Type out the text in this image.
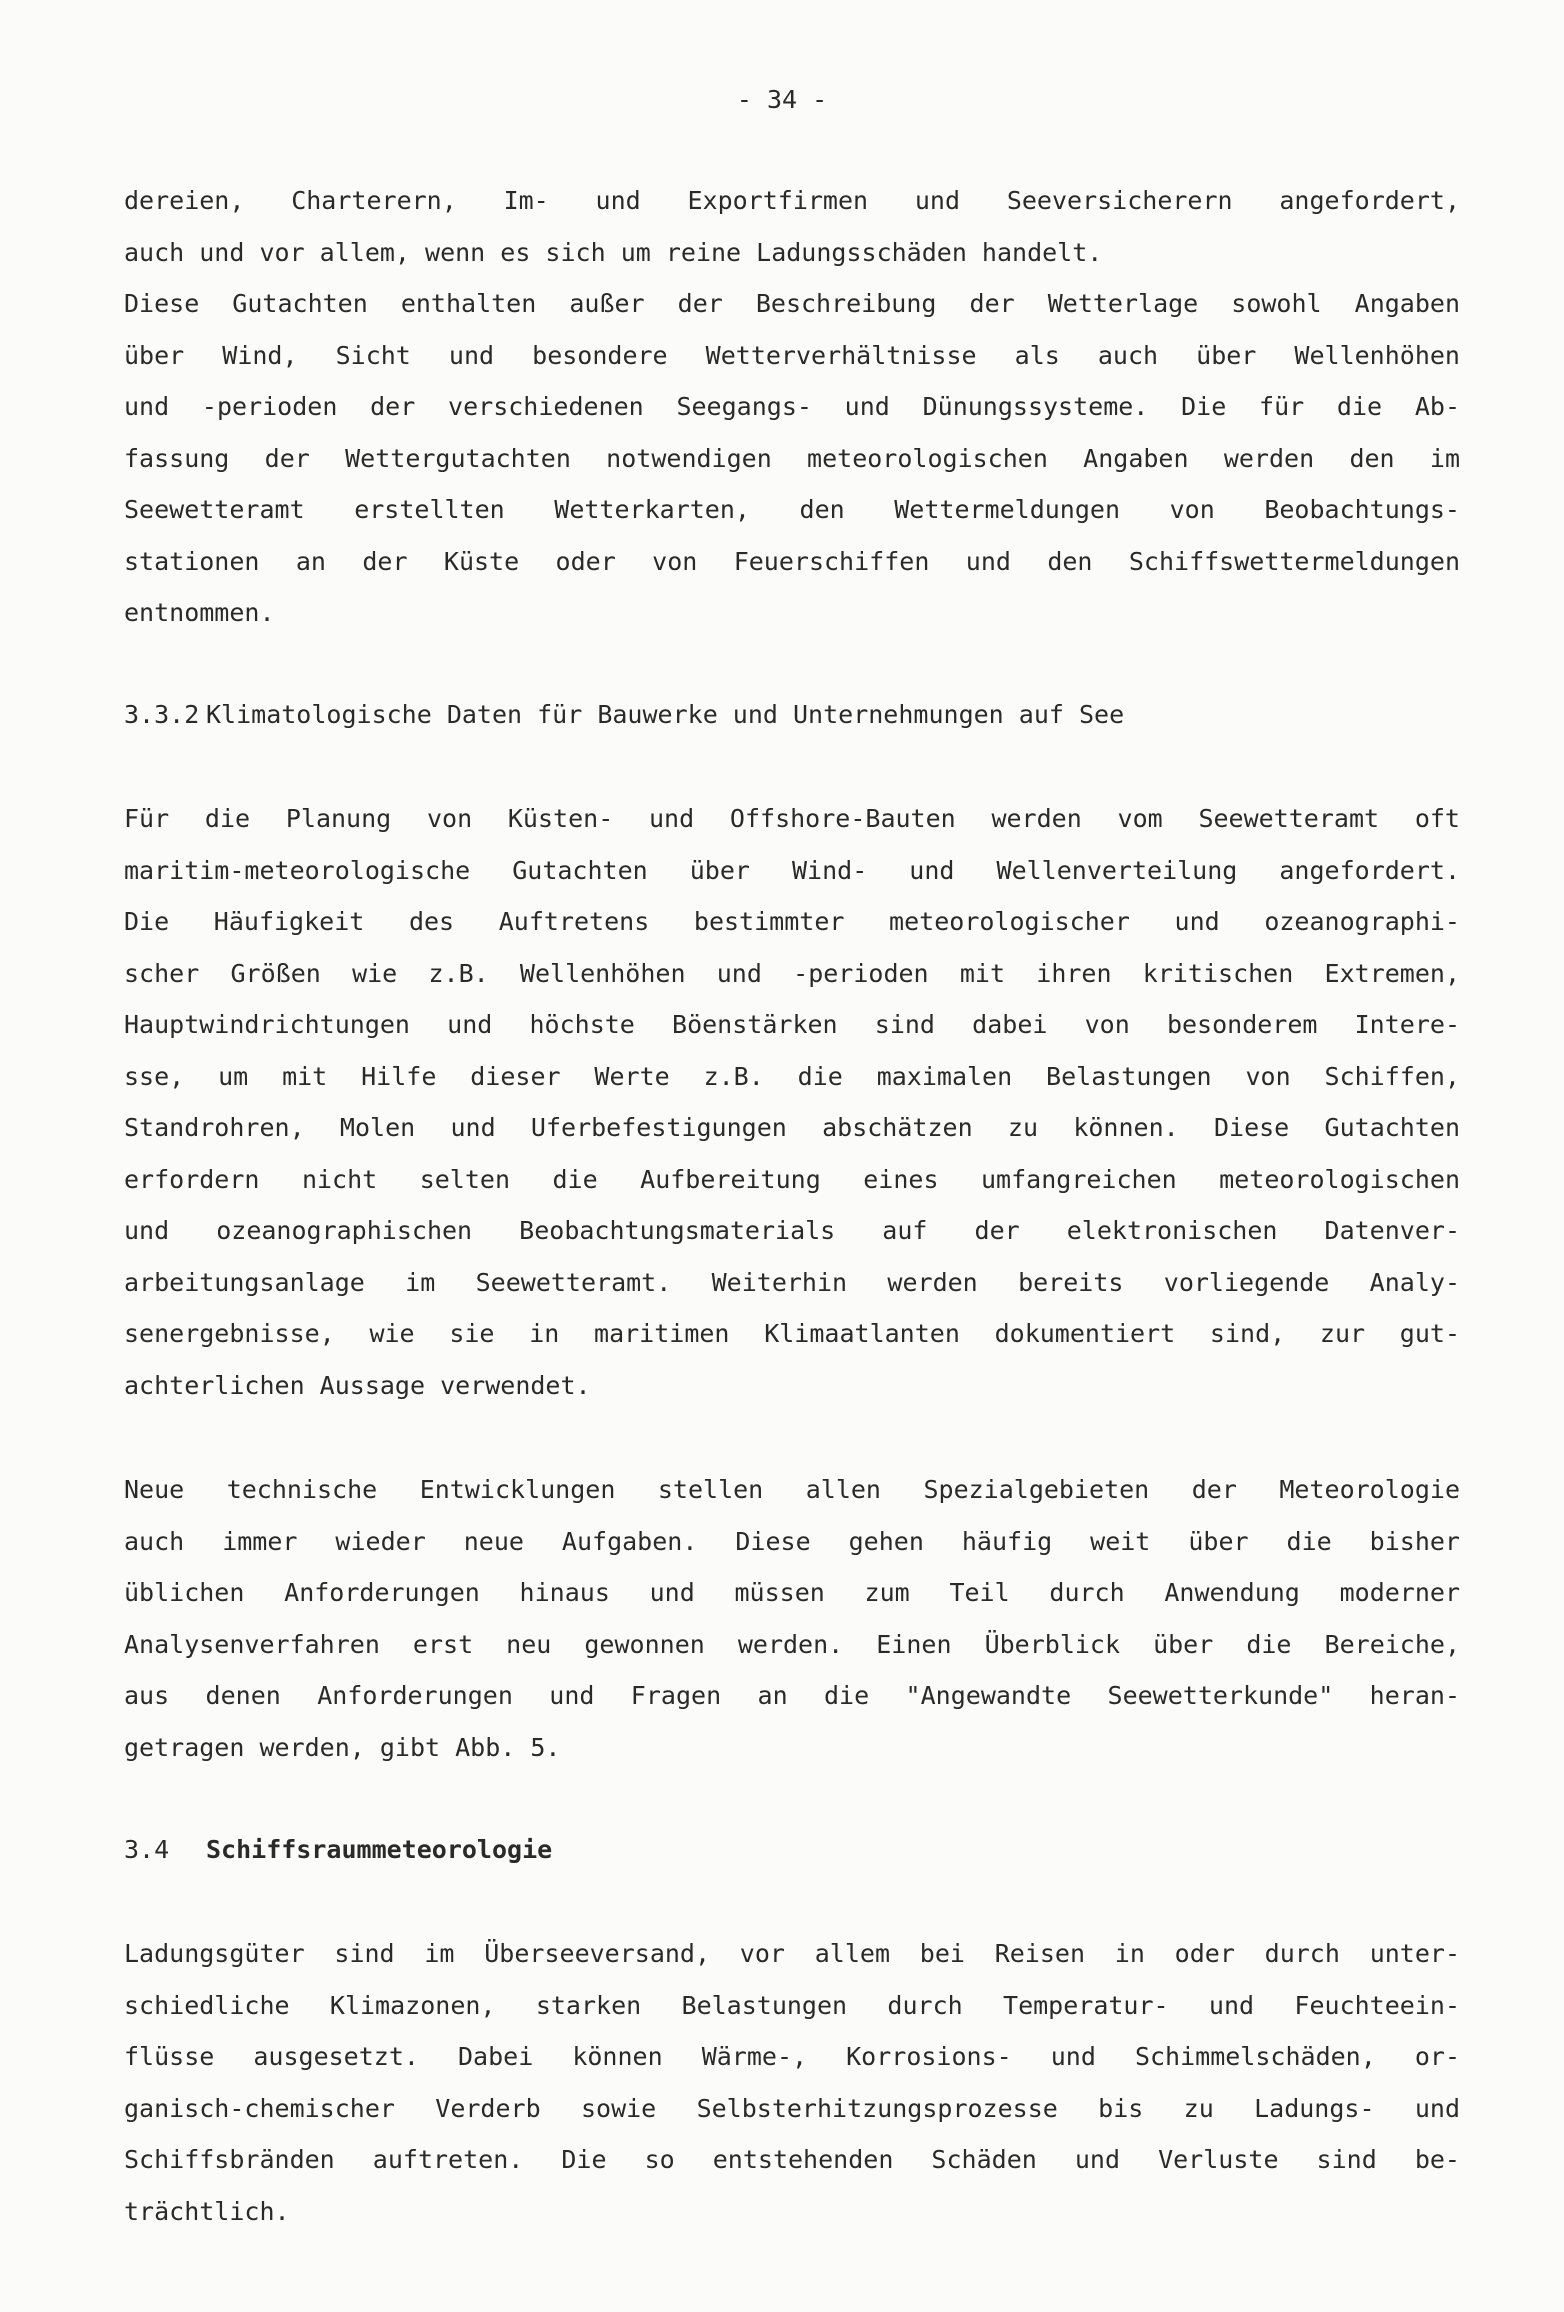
- 34 -
dereien, Charterern, Im- und Exportfirmen und Seeversicherern angefordert,
auch und vor allem, wenn es sich um reine Ladungsschäden handelt.
Diese Gutachten enthalten außer der Beschreibung der Wetterlage sowohl Angaben
über Wind, Sicht und besondere Wetterverhältnisse als auch über Wellenhöhen
und -perioden der verschiedenen Seegangs- und Dünungssysteme. Die für die Ab-
fassung der Wettergutachten notwendigen meteorologischen Angaben werden den im
Seewetteramt erstellten Wetterkarten, den Wettermeldungen von Beobachtungs-
stationen an der Küste oder von Feuerschiffen und den Schiffswettermeldungen
entnommen.
3.3.2 Klimatologische Daten für Bauwerke und Unternehmungen auf See
Für die Planung von Küsten- und Offshore-Bauten werden vom Seewetteramt oft
maritim-meteorologische Gutachten über Wind- und Wellenverteilung angefordert.
Die Häufigkeit des Auftretens bestimmter meteorologischer und ozeanographi-
scher Größen wie z.B. Wellenhöhen und -perioden mit ihren kritischen Extremen,
Hauptwindrichtungen und höchste Böenstärken sind dabei von besonderem Intere-
sse, um mit Hilfe dieser Werte z.B. die maximalen Belastungen von Schiffen,
Standrohren, Molen und Uferbefestigungen abschätzen zu können. Diese Gutachten
erfordern nicht selten die Aufbereitung eines umfangreichen meteorologischen
und ozeanographischen Beobachtungsmaterials auf der elektronischen Datenver-
arbeitungsanlage im Seewetteramt. Weiterhin werden bereits vorliegende Analy-
senergebnisse, wie sie in maritimen Klimaatlanten dokumentiert sind, zur gut-
achterlichen Aussage verwendet.
Neue technische Entwicklungen stellen allen Spezialgebieten der Meteorologie
auch immer wieder neue Aufgaben. Diese gehen häufig weit über die bisher
üblichen Anforderungen hinaus und müssen zum Teil durch Anwendung moderner
Analysenverfahren erst neu gewonnen werden. Einen Überblick über die Bereiche,
aus denen Anforderungen und Fragen an die "Angewandte Seewetterkunde" heran-
getragen werden, gibt Abb. 5.
3.4 Schiffsraummeteorologie
Ladungsgüter sind im Überseeversand, vor allem bei Reisen in oder durch unter-
schiedliche Klimazonen, starken Belastungen durch Temperatur- und Feuchteein-
flüsse ausgesetzt. Dabei können Wärme-, Korrosions- und Schimmelschäden, or-
ganisch-chemischer Verderb sowie Selbsterhitzungsprozesse bis zu Ladungs- und
Schiffsbränden auftreten. Die so entstehenden Schäden und Verluste sind be-
trächtlich.
